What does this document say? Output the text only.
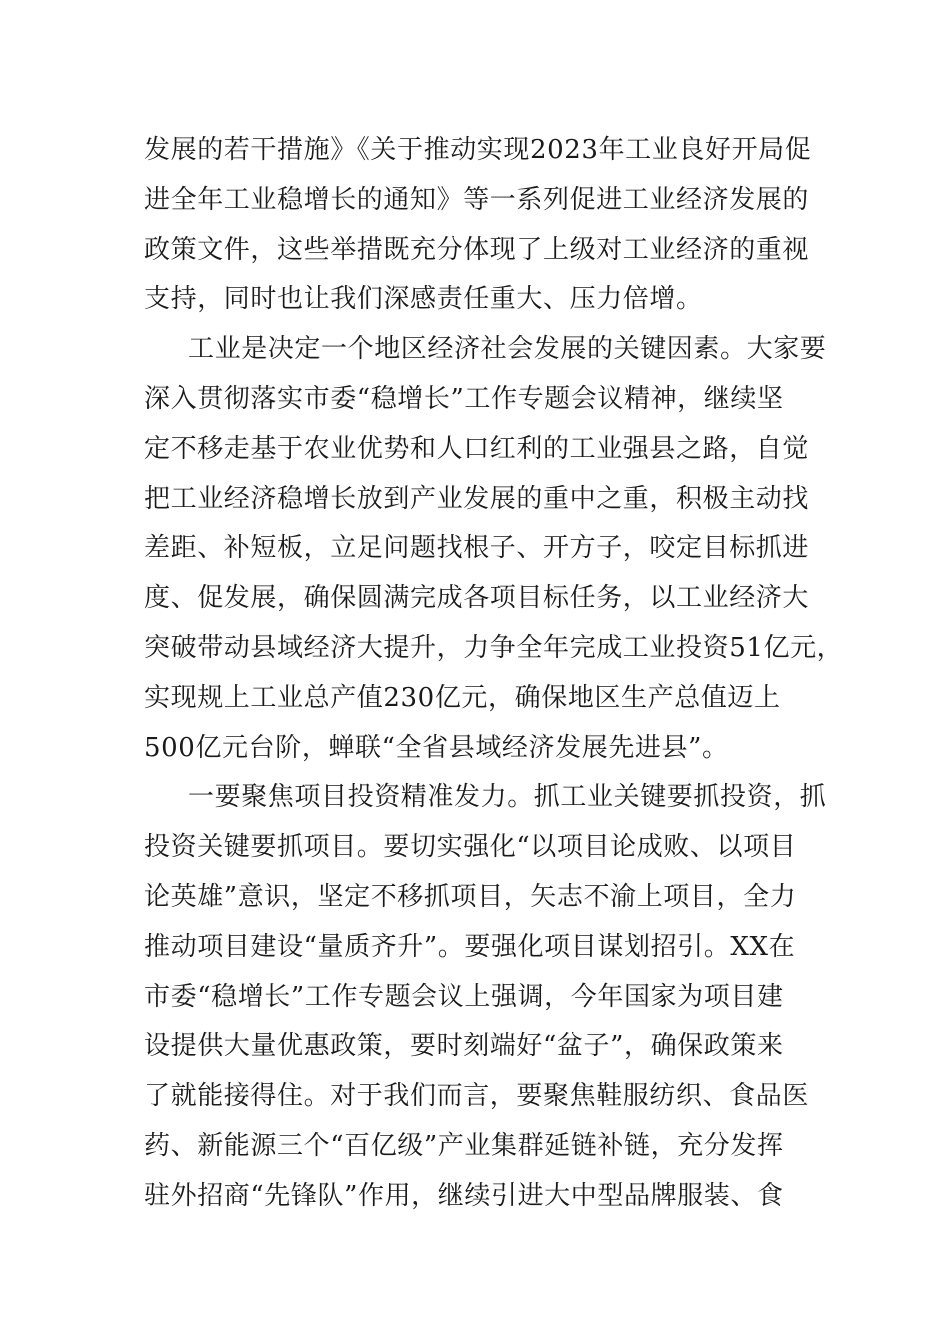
发展的若干措施》《关于推动实现2023年工业良好开局促
进全年工业稳增长的通知》等一系列促进工业经济发展的
政策文件，这些举措既充分体现了上级对工业经济的重视
支持，同时也让我们深感责任重大、压力倍增。
工业是决定一个地区经济社会发展的关键因素。大家要
深入贯彻落实市委“稳增长”工作专题会议精神，继续坚
定不移走基于农业优势和人口红利的工业强县之路，自觉
把工业经济稳增长放到产业发展的重中之重，积极主动找
差距、补短板，立足问题找根子、开方子，咬定目标抓进
度、促发展，确保圆满完成各项目标任务，以工业经济大
突破带动县域经济大提升，力争全年完成工业投资51亿元，
实现规上工业总产值230亿元，确保地区生产总值迈上
500亿元台阶，蝉联“全省县域经济发展先进县”。
一要聚焦项目投资精准发力。抓工业关键要抓投资，抓
投资关键要抓项目。要切实强化“以项目论成败、以项目
论英雄”意识，坚定不移抓项目，矢志不渝上项目，全力
推动项目建设“量质齐升”。要强化项目谋划招引。XX在
市委“稳增长”工作专题会议上强调，今年国家为项目建
设提供大量优惠政策，要时刻端好“盆子”，确保政策来
了就能接得住。对于我们而言，要聚焦鞋服纺织、食品医
药、新能源三个“百亿级”产业集群延链补链，充分发挥
驻外招商“先锋队”作用，继续引进大中型品牌服装、食
